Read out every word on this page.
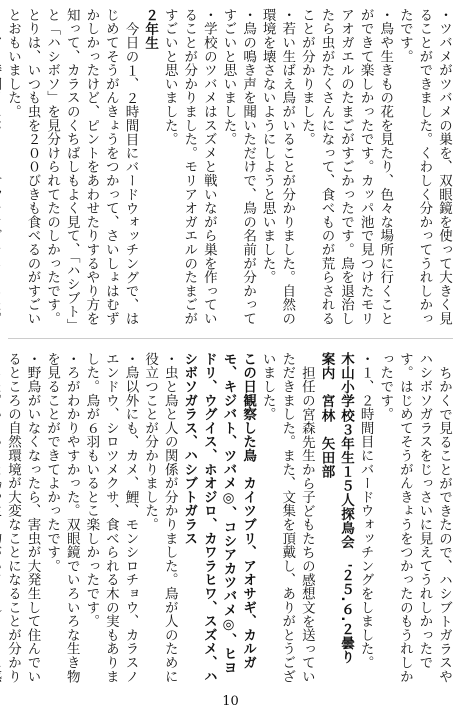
・ツバメがツバメの巣を、双眼鏡を使って大きく見ることができました。くわしく分かってうれしかったです。

・鳥や生きもの花を見たり、色々な場所に行くことができて楽しかったです。カッパ池で見つけたモリアオガエルのたまごがすごかったです。鳥を退治したら虫がたくさんになって、食べものが荒らされることが分かりました。

・若い生ばえ鳥がいることが分かりました。自然の環境を壊さないようにしようと思いました。

・鳥の鳴き声を聞いただけで、鳥の名前が分かってすごいと思いました。

・学校のツバメはスズメと戦いながら巣を作っていることが分かりました。モリアオガエルのたまごがすごいと思いました。

２年生

今日の１、２時間目にバードウォッチングで、はじめてそうがんきょうをつかって、さいしょはむずかしかったけど、ピントをあわせたりするやり方を知って、カラスのくちばしもよく見て、「ハシブト」と「ハシボソ」を見分けられてたのしかったです。とりは、いつも虫を２００びきも食べるのがすごいとおもいました。

ちかくで見ることができたので、ハシブトガラスやハシボソガラスをじっさいに見えてうれしかったです。はじめてそうがんきょうをつかったのもうれしかったです。

・１、２時間目にバードウォッチングをしました。

木山小学校３年生１５人探鳥会　'２５.６.２曇り　案内　宮林　矢田部

担任の宮森先生から子どもたちの感想文を送っていただきました。また、文集を頂戴し、ありがとうございました。

この日観察した鳥　カイツブリ、アオサギ、カルガモ、キジバト、ツバメ◎、コシアカツバメ◎、ヒヨドリ、ウグイス、ホオジロ、カワラヒワ、スズメ、ハシボソガラス、ハシブトガラス

・虫と鳥と人の関係が分かりました。鳥が人のために役立つことが分かりました。

・鳥以外にも、カメ、鯉、モンシロチョウ、カラスノエンドウ、シロツメクサ、食べられる木の実もありました。鳥が６羽もいるとこ楽しかったです。

・ろがわかりやすかった。双眼鏡でいろいろな生き物を見ることができてよかったです。

・野鳥がいなくなったら、害虫が大発生して住んでいるところの自然環境が大変なことになることが分かり

10
